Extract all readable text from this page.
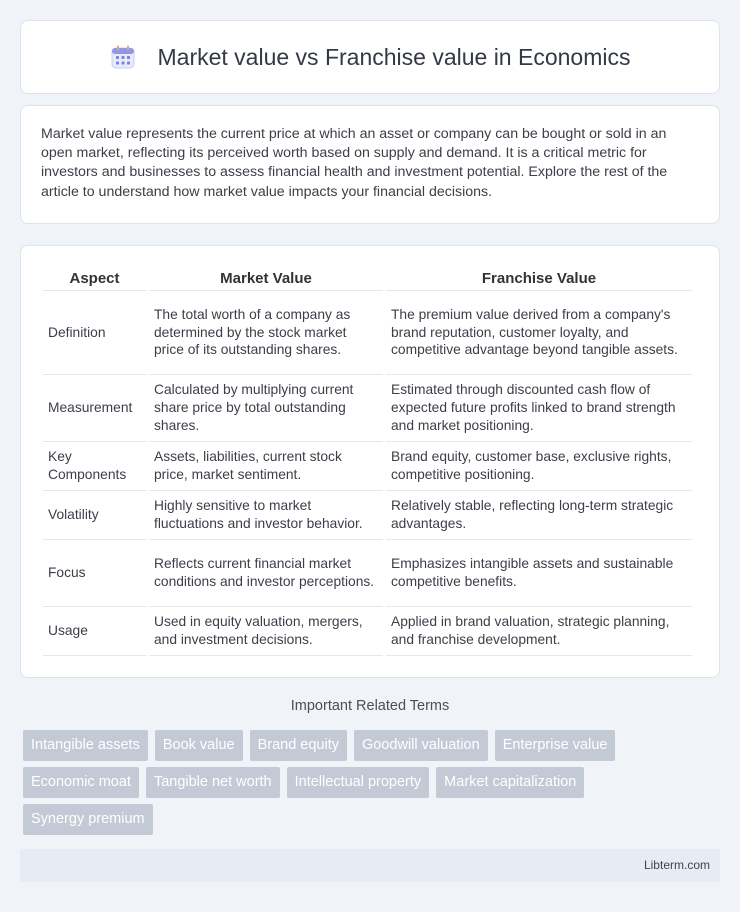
Market value vs Franchise value in Economics

Market value represents the current price at which an asset or company can be bought or sold in an open market, reflecting its perceived worth based on supply and demand. It is a critical metric for investors and businesses to assess financial health and investment potential. Explore the rest of the article to understand how market value impacts your financial decisions.

Aspect	Market Value	Franchise Value
Definition	The total worth of a company as determined by the stock market price of its outstanding shares.	The premium value derived from a company's brand reputation, customer loyalty, and competitive advantage beyond tangible assets.
Measurement	Calculated by multiplying current share price by total outstanding shares.	Estimated through discounted cash flow of expected future profits linked to brand strength and market positioning.
Key Components	Assets, liabilities, current stock price, market sentiment.	Brand equity, customer base, exclusive rights, competitive positioning.
Volatility	Highly sensitive to market fluctuations and investor behavior.	Relatively stable, reflecting long-term strategic advantages.
Focus	Reflects current financial market conditions and investor perceptions.	Emphasizes intangible assets and sustainable competitive benefits.
Usage	Used in equity valuation, mergers, and investment decisions.	Applied in brand valuation, strategic planning, and franchise development.
Important Related Terms
Intangible assets	Book value	Brand equity	Goodwill valuation	Enterprise value
Economic moat	Tangible net worth	Intellectual property	Market capitalization
Synergy premium
Libterm.com
